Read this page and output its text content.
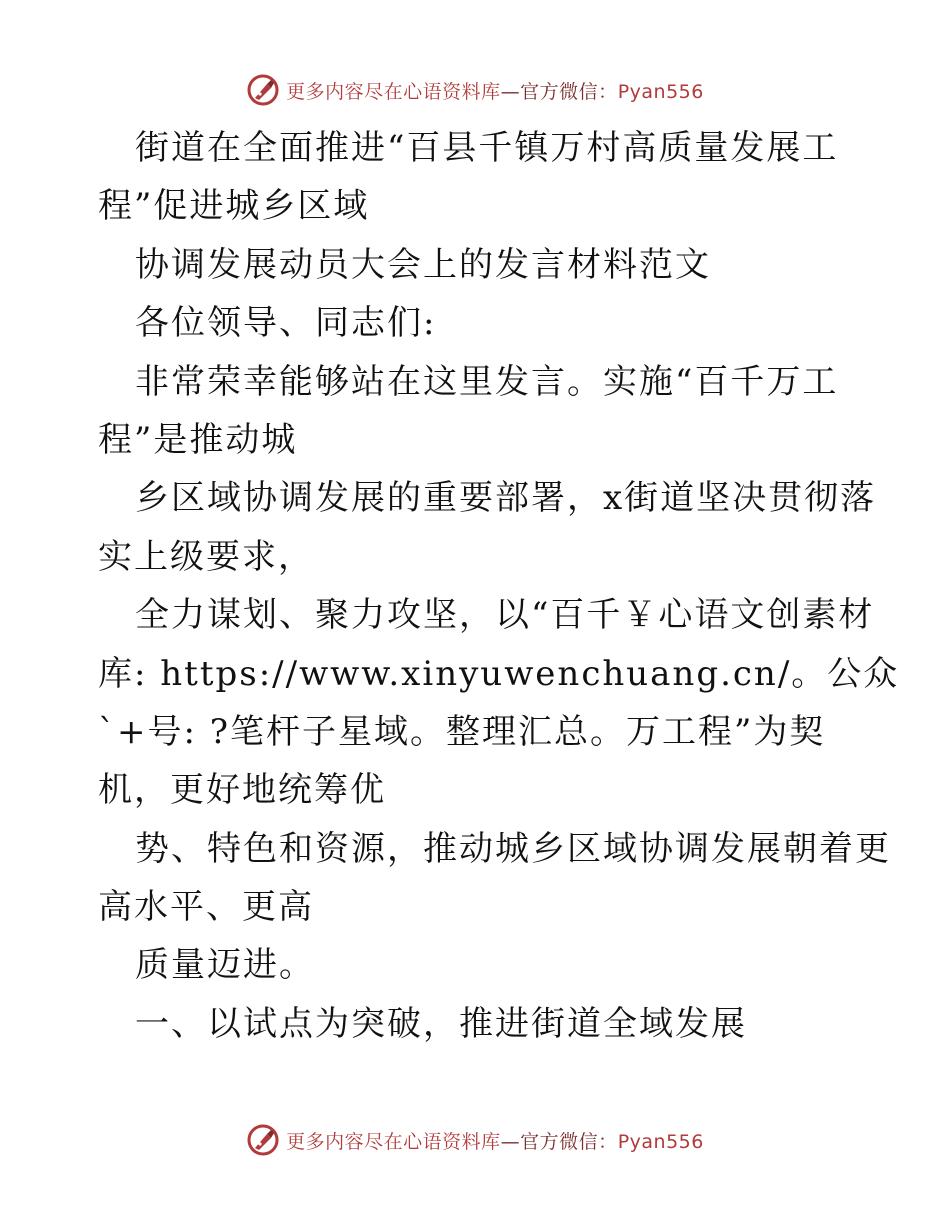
更多内容尽在心语资料库—官方微信：Pyan556
街道在全面推进“百县千镇万村高质量发展工
程”促进城乡区域
协调发展动员大会上的发言材料范文
各位领导、同志们:
非常荣幸能够站在这里发言。实施“百千万工
程”是推动城
乡区域协调发展的重要部署，x街道坚决贯彻落
实上级要求，
全力谋划、聚力攻坚，以“百千￥心语文创素材
库: https://www.xinyuwenchuang.cn/。公众
`+号: ?笔杆子星域。整理汇总。万工程”为契
机，更好地统筹优
势、特色和资源，推动城乡区域协调发展朝着更
高水平、更高
质量迈进。
一、以试点为突破，推进街道全域发展
更多内容尽在心语资料库—官方微信：Pyan556
